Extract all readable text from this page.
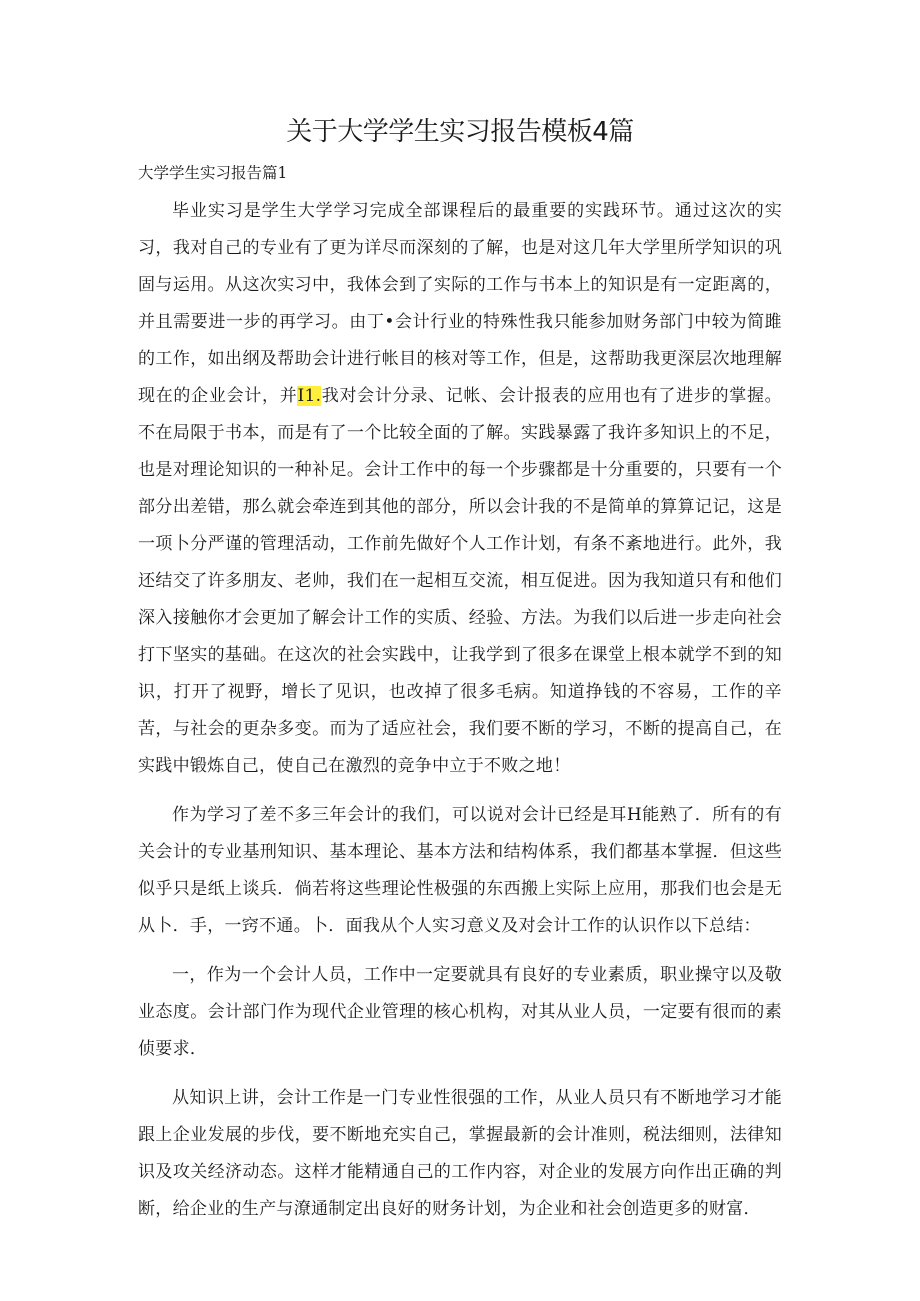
关于大学学生实习报告模板4篇

大学学生实习报告篇1

毕业实习是学生大学学习完成全部课程后的最重要的实践环节。通过这次的实习，我对自己的专业有了更为详尽而深刻的了解，也是对这几年大学里所学知识的巩固与运用。从这次实习中，我体会到了实际的工作与书本上的知识是有一定距离的，并且需要进一步的再学习。由丁•会计行业的特殊性我只能参加财务部门中较为简雎的工作，如出纲及帮助会计进行帐目的核对等工作，但是，这帮助我更深层次地理解现在的企业会计，并I1.我对会计分录、记帐、会计报表的应用也有了进步的掌握。不在局限于书本，而是有了一个比较全面的了解。实践暴露了我许多知识上的不足，也是对理论知识的一种补足。会计工作中的每一个步骤都是十分重要的，只要有一个部分出差错，那么就会牵连到其他的部分，所以会计我的不是简单的算算记记，这是一项卜分严谨的管理活动，工作前先做好个人工作计划，有条不紊地进行。此外，我还结交了许多朋友、老帅，我们在一起相互交流，相互促进。因为我知道只有和他们深入接触你才会更加了解会计工作的实质、经验、方法。为我们以后进一步走向社会打下坚实的基础。在这次的社会实践中，让我学到了很多在课堂上根本就学不到的知识，打开了视野，增长了见识，也改掉了很多毛病。知道挣钱的不容易，工作的辛苦，与社会的更杂多变。而为了适应社会，我们要不断的学习，不断的提高自己，在实践中锻炼自己，使自己在激烈的竞争中立于不败之地！

作为学习了差不多三年会计的我们，可以说对会计已经是耳H能熟了．所有的有关会计的专业基刑知识、基本理论、基本方法和结构体系，我们都基本掌握．但这些似乎只是纸上谈兵．倘若将这些理论性极强的东西搬上实际上应用，那我们也会是无从卜．手，一窍不通。卜．面我从个人实习意义及对会计工作的认识作以下总结：

一，作为一个会计人员，工作中一定要就具有良好的专业素质，职业操守以及敬业态度。会计部门作为现代企业管理的核心机构，对其从业人员，一定要有很而的素侦要求．

从知识上讲，会计工作是一门专业性很强的工作，从业人员只有不断地学习才能跟上企业发展的步伐，要不断地充实自己，掌握最新的会计准则，税法细则，法律知识及攻关经济动态。这样才能精通自己的工作内容，对企业的发展方向作出正确的判断，给企业的生产与潦通制定出良好的财务计划，为企业和社会创造更多的财富．
